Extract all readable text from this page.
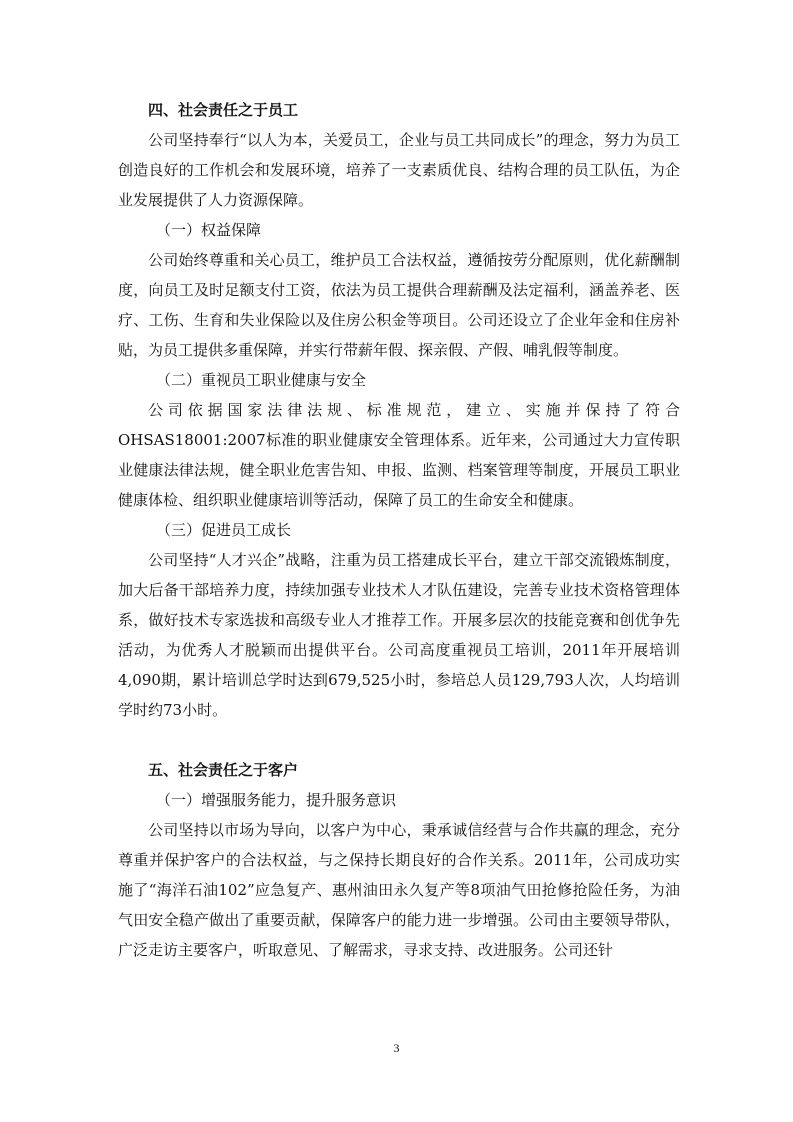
四、社会责任之于员工

公司坚持奉行“以人为本，关爱员工，企业与员工共同成长”的理念，努力为员工创造良好的工作机会和发展环境，培养了一支素质优良、结构合理的员工队伍，为企业发展提供了人力资源保障。

（一）权益保障

公司始终尊重和关心员工，维护员工合法权益，遵循按劳分配原则，优化薪酬制度，向员工及时足额支付工资，依法为员工提供合理薪酬及法定福利，涵盖养老、医疗、工伤、生育和失业保险以及住房公积金等项目。公司还设立了企业年金和住房补贴，为员工提供多重保障，并实行带薪年假、探亲假、产假、哺乳假等制度。

（二）重视员工职业健康与安全

公司依据国家法律法规、标准规范，建立、实施并保持了符合OHSAS18001:2007标准的职业健康安全管理体系。近年来，公司通过大力宣传职业健康法律法规，健全职业危害告知、申报、监测、档案管理等制度，开展员工职业健康体检、组织职业健康培训等活动，保障了员工的生命安全和健康。

（三）促进员工成长

公司坚持“人才兴企”战略，注重为员工搭建成长平台，建立干部交流锻炼制度，加大后备干部培养力度，持续加强专业技术人才队伍建设，完善专业技术资格管理体系，做好技术专家选拔和高级专业人才推荐工作。开展多层次的技能竞赛和创优争先活动，为优秀人才脱颖而出提供平台。公司高度重视员工培训，2011年开展培训4,090期，累计培训总学时达到679,525小时，参培总人员129,793人次，人均培训学时约73小时。

五、社会责任之于客户
（一）增强服务能力，提升服务意识

公司坚持以市场为导向，以客户为中心，秉承诚信经营与合作共赢的理念，充分尊重并保护客户的合法权益，与之保持长期良好的合作关系。2011年，公司成功实施了“海洋石油102”应急复产、惠州油田永久复产等8项油气田抢修抢险任务，为油气田安全稳产做出了重要贡献，保障客户的能力进一步增强。公司由主要领导带队，广泛走访主要客户，听取意见、了解需求，寻求支持、改进服务。公司还针

3
